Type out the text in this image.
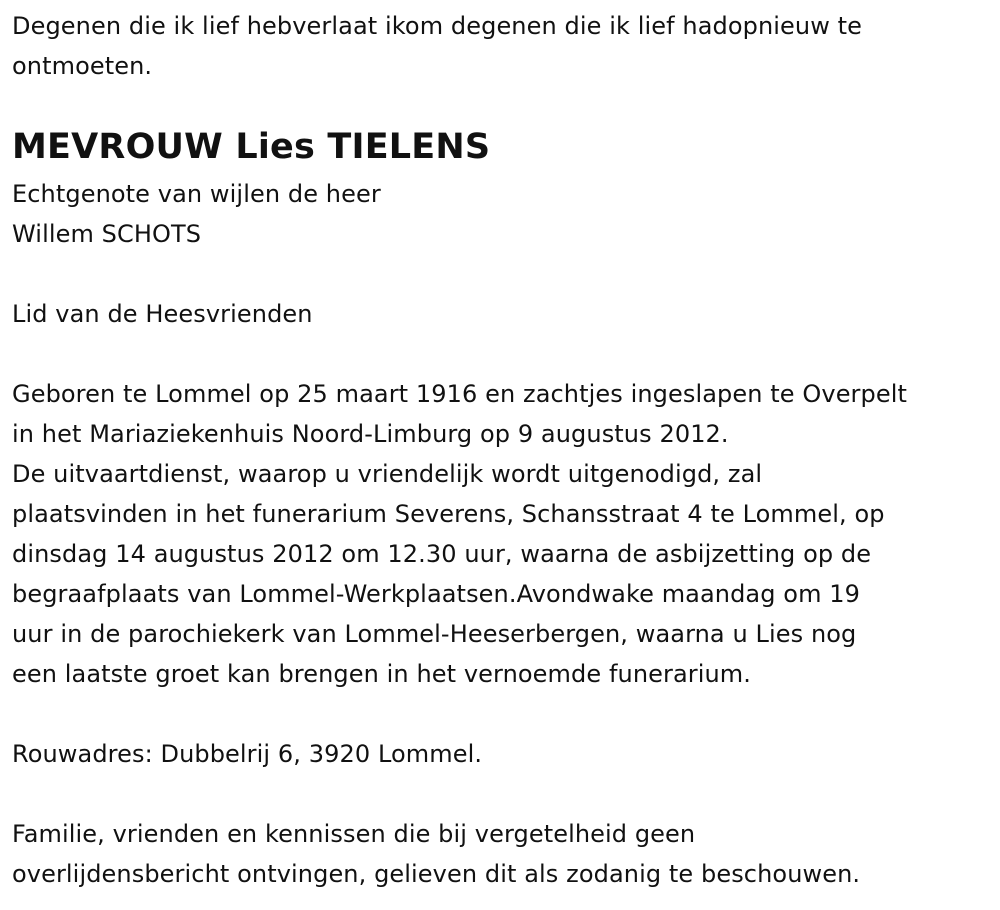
Degenen die ik lief hebverlaat ikom degenen die ik lief hadopnieuw te
ontmoeten.

MEVROUW Lies TIELENS

Echtgenote van wijlen de heer
Willem SCHOTS

Lid van de Heesvrienden

Geboren te Lommel op 25 maart 1916 en zachtjes ingeslapen te Overpelt
in het Mariaziekenhuis Noord-Limburg op 9 augustus 2012.
De uitvaartdienst, waarop u vriendelijk wordt uitgenodigd, zal
plaatsvinden in het funerarium Severens, Schansstraat 4 te Lommel, op
dinsdag 14 augustus 2012 om 12.30 uur, waarna de asbijzetting op de
begraafplaats van Lommel-Werkplaatsen.Avondwake maandag om 19
uur in de parochiekerk van Lommel-Heeserbergen, waarna u Lies nog
een laatste groet kan brengen in het vernoemde funerarium.

Rouwadres: Dubbelrij 6, 3920 Lommel.

Familie, vrienden en kennissen die bij vergetelheid geen
overlijdensbericht ontvingen, gelieven dit als zodanig te beschouwen.
